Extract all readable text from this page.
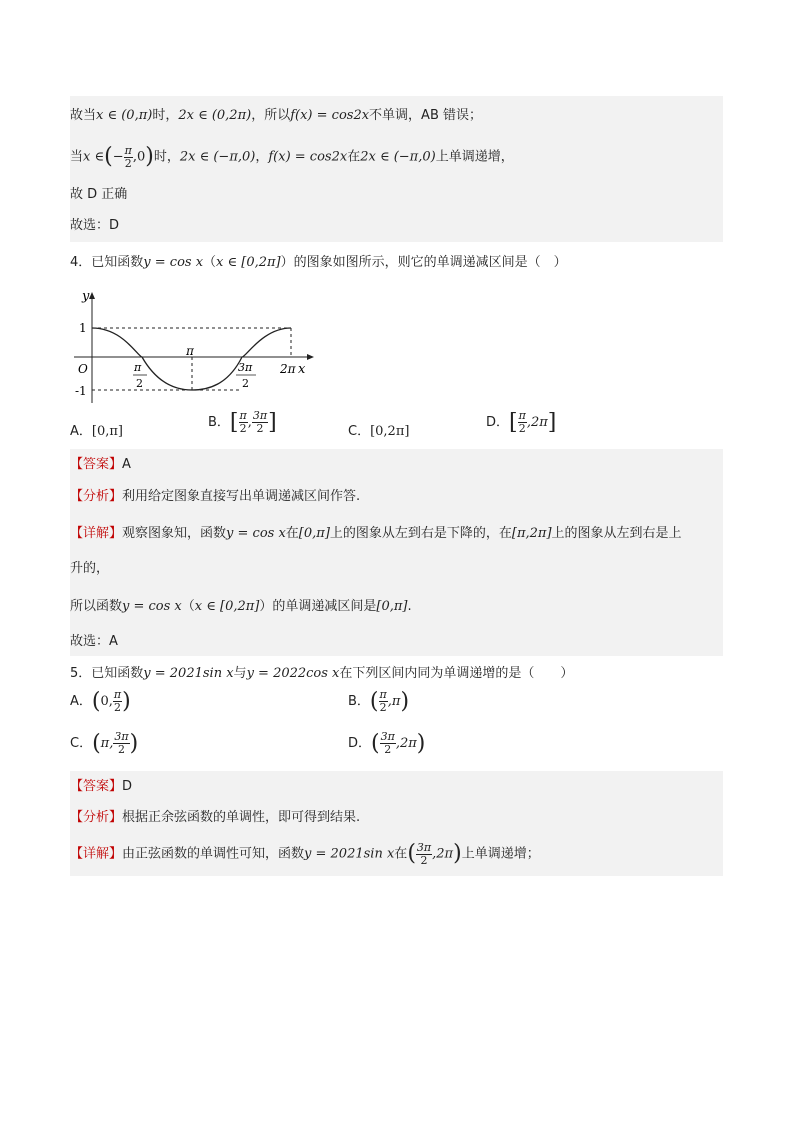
故当x ∈ (0,π)时，2x ∈ (0,2π)，所以f(x) = cos2x不单调，AB 错误；
当x ∈(− $\frac{\pi}{2} ,0$)时，2x ∈ (−π,0)，f(x) = cos2x在2x ∈ (−π,0)上单调递增，
故 D 正确
故选：D
4．已知函数y = cos x（x ∈ [0,2π]）的图象如图所示，则它的单调递减区间是（　）
y
x
1
-1
O
π
π
2
3π
2
2π
A．[0,π]
B．[ $\frac{\pi}{2}$ , $\frac{3\pi}{2}$ ]	C．[0,2π]
D．[ $\frac{\pi}{2} ,2\pi$]
【答案】A
【分析】利用给定图象直接写出单调递减区间作答.
【详解】观察图象知，函数y = cos x在[0,π]上的图象从左到右是下降的，在[π,2π]上的图象从左到右是上
升的，
所以函数y = cos x（x ∈ [0,2π]）的单调递减区间是[0,π].
故选：A
5．已知函数y = 2021sin x与y = 2022cos x在下列区间内同为单调递增的是（　　）
A．(0, $\frac{\pi}{2}$ )	B．( $\frac{\pi}{2} ,\pi$)
C．(π, $\frac{3\pi}{2}$ )	D．( $\frac{3\pi}{2} ,2\pi$)
【答案】D
【分析】根据正余弦函数的单调性，即可得到结果.
【详解】由正弦函数的单调性可知，函数y = 2021sin x在( $\frac{3\pi}{2} ,2\pi$)上单调递增；
